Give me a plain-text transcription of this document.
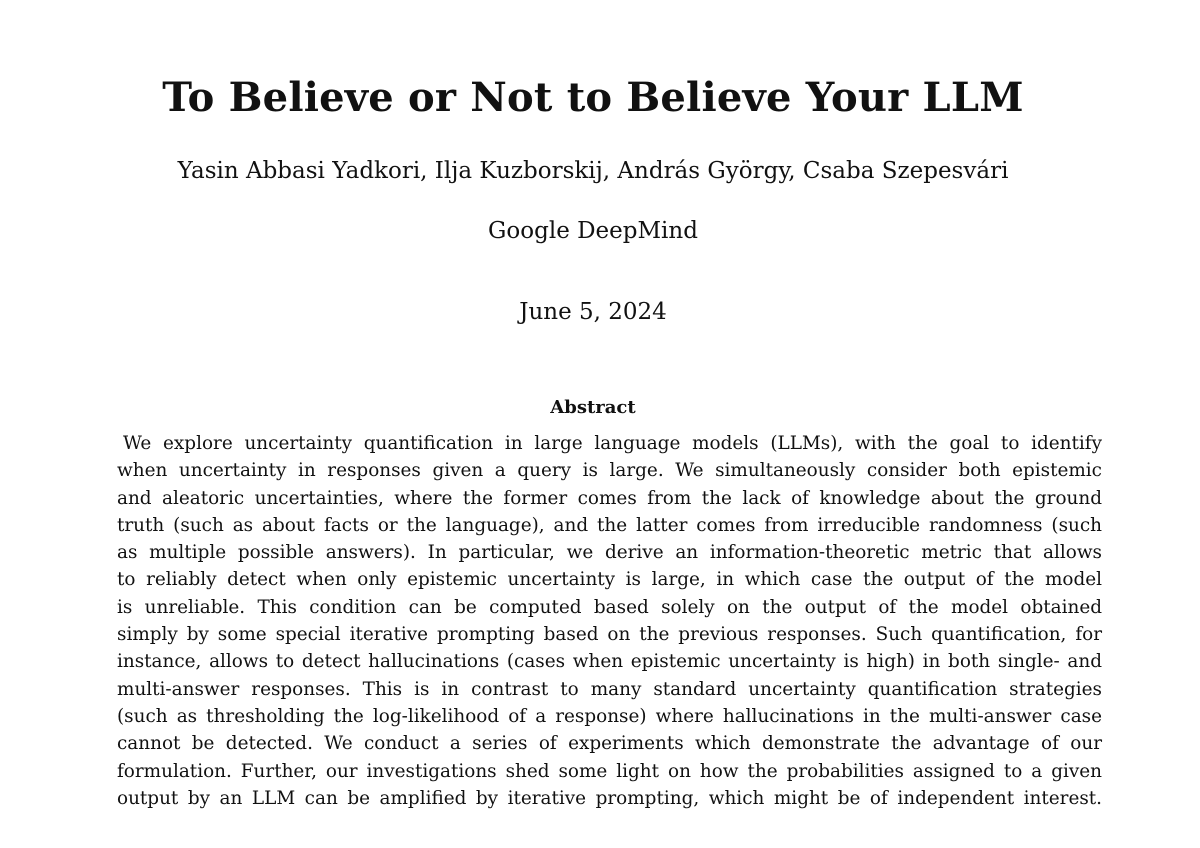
To Believe or Not to Believe Your LLM
Yasin Abbasi Yadkori, Ilja Kuzborskij, András György, Csaba Szepesvári
Google DeepMind
June 5, 2024
Abstract
We explore uncertainty quantification in large language models (LLMs), with the goal to identify
when uncertainty in responses given a query is large. We simultaneously consider both epistemic
and aleatoric uncertainties, where the former comes from the lack of knowledge about the ground
truth (such as about facts or the language), and the latter comes from irreducible randomness (such
as multiple possible answers). In particular, we derive an information-theoretic metric that allows
to reliably detect when only epistemic uncertainty is large, in which case the output of the model
is unreliable. This condition can be computed based solely on the output of the model obtained
simply by some special iterative prompting based on the previous responses. Such quantification, for
instance, allows to detect hallucinations (cases when epistemic uncertainty is high) in both single- and
multi-answer responses. This is in contrast to many standard uncertainty quantification strategies
(such as thresholding the log-likelihood of a response) where hallucinations in the multi-answer case
cannot be detected. We conduct a series of experiments which demonstrate the advantage of our
formulation. Further, our investigations shed some light on how the probabilities assigned to a given
output by an LLM can be amplified by iterative prompting, which might be of independent interest.
